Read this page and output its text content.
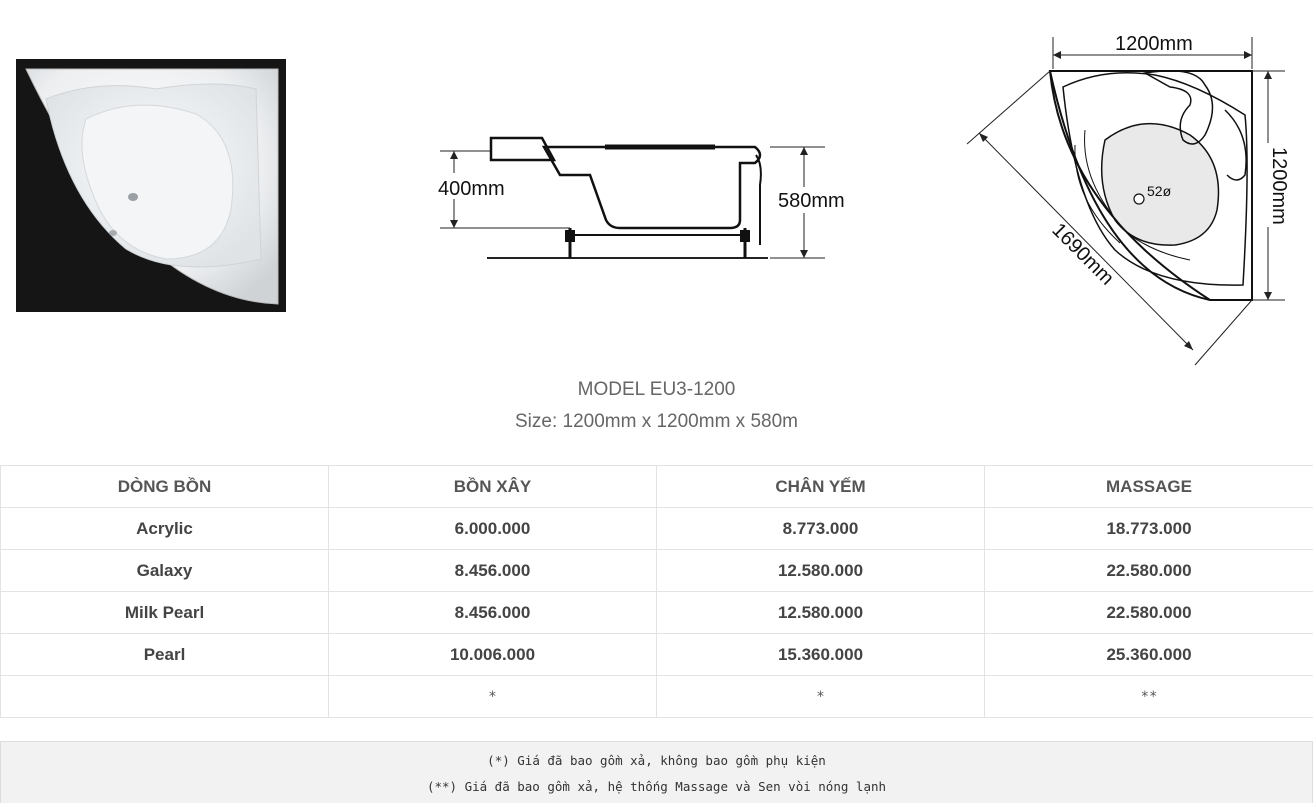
400mm
580mm	52ø
1200mm
1200mm
1690mm
MODEL EU3-1200
Size: 1200mm x 1200mm x 580m
DÒNG BỒN	BỒN XÂY	CHÂN YẾM	MASSAGE
Acrylic	6.000.000	8.773.000	18.773.000
Galaxy	8.456.000	12.580.000	22.580.000
Milk Pearl	8.456.000	12.580.000	22.580.000
Pearl	10.006.000	15.360.000	25.360.000
	*	*	**
(*) Giá đã bao gồm xả, không bao gồm phụ kiện
(**) Giá đã bao gồm xả, hệ thống Massage và Sen vòi nóng lạnh
